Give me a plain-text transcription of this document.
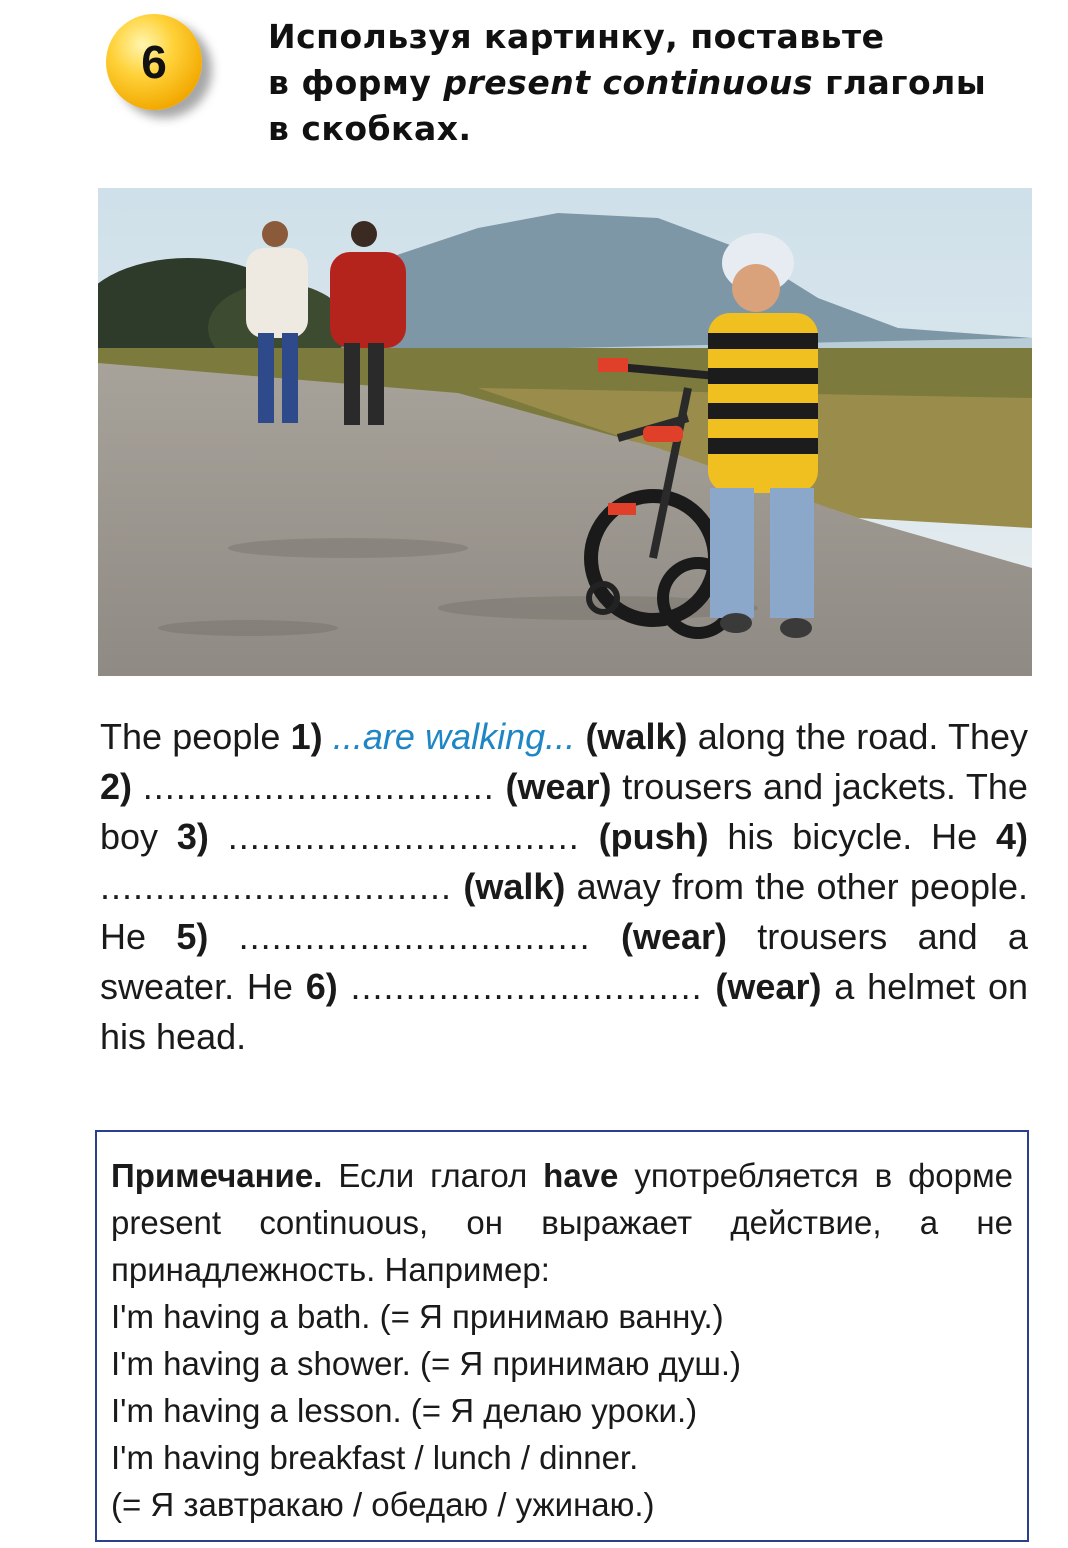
6	Используя картинку, поставьте
в форму present continuous глаголы
в скобках.
The people 1) ...are walking... (walk) along the road. They 2) ................................ (wear) trousers and jackets. The boy 3) ................................ (push) his bicycle. He 4) ................................ (walk) away from the other people. He 5) ................................ (wear) trousers and a sweater. He 6) ................................ (wear) a helmet on his head.
Примечание. Если глагол have употребляется в форме present continuous, он выражает действие, а не принадлежность. Например:
I'm having a bath. (= Я принимаю ванну.)
I'm having a shower. (= Я принимаю душ.)
I'm having a lesson. (= Я делаю уроки.)
I'm having breakfast / lunch / dinner.
(= Я завтракаю / обедаю / ужинаю.)
